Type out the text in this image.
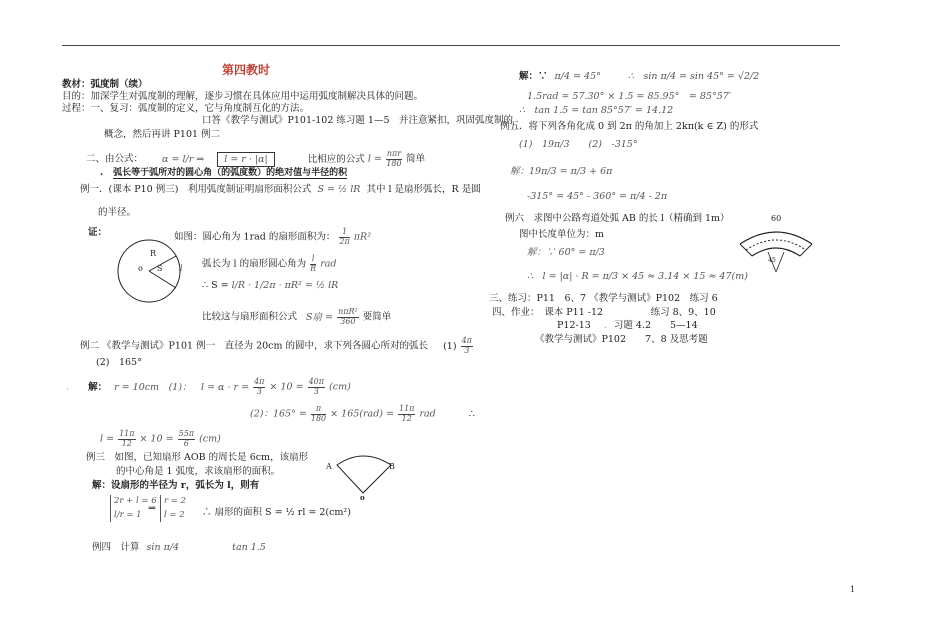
第四教时
教材：弧度制（续）
目的：加深学生对弧度制的理解，逐步习惯在具体应用中运用弧度制解决具体的问题。
过程：一、复习：弧度制的定义，它与角度制互化的方法。
口答《教学与测试》P101-102 练习题 1—5　并注意紧扣，巩固弧度制的
概念，然后再讲 P101 例二
二、由公式： α = l/r ⇒ l = r · |α|	比相应的公式 $l = \frac{\text{nπr}}{180}$ 简单
. 弧长等于弧所对的圆心角（的弧度数）的绝对值与半径的积
例一．(课本 P10 例三)　利用弧度制证明扇形面积公式 S = ½ lR 其中 l 是扇形弧长，R 是圆
的半径。
证：	如图：圆心角为 1rad 的扇形面积为： $\frac{1}{2\pi} \pi R^2$
R
S
o	l 弧长为 l 的扇形圆心角为 $\frac{l}{R}$ rad
∴ S = l/R · 1/2π · πR² = ½ lR
比较这与扇形面积公式 S扇 = $\frac{\text{nπR²}}{360}$ 要简单
例二 《教学与测试》P101 例一　直径为 20cm 的圆中，求下列各圆心所对的弧长 $(1) \frac{4\pi}{3}$
(2)　165°
. 解： r = 10cm　(1)：　$l = \alpha \cdot r = \frac{4\pi}{3} \times 10 = \frac{40\pi}{3} (cm)$
(2)：$165^\circ = \frac{\pi}{180} \times 165(rad) = \frac{11\pi}{12}$ rad	∴
$l = \frac{11\pi}{12} \times 10 = \frac{55\pi}{6} (cm)$
例三　如图，已知扇形 AOB 的周长是 6cm，该扇形
的中心角是 1 弧度，求该扇形的面积。	A	B
o
解：设扇形的半径为 r，弧长为 l，则有
2r + l = 6
l/r = 1
⇒
r = 2
l = 2	∴ 扇形的面积 S = ½ rl = 2(cm²)
例四　计算 sin π/4	tan 1.5
解：∵ π/4 = 45°	∴　sin π/4 = sin 45° = √2/2
1.5rad = 57.30° × 1.5 = 85.95°　= 85°57′
∴　tan 1.5 = tan 85°57′ = 14.12
例五．将下列各角化成 0 到 2π 的角加上 2kπ(k ∈ Z) 的形式
(1)　19π/3　　(2)　-315°
解：19π/3 = π/3 + 6π
-315° = 45° - 360° = π/4 - 2π
例六　求图中公路弯道处弧 AB 的长 l（精确到 1m）
图中长度单位为：m
解：∵ 60° = π/3
∴　l = |α| · R = π/3 × 45 ≈ 3.14 × 15 ≈ 47(m)
60
45
三、练习：P11　6、7 《教学与测试》P102　练习 6
四、作业：　课本 P11 -12　　　　　练习 8、9、10
P12-13 . 习题 4.2　　5—14
《教学与测试》P102　　7、8 及思考题
1
